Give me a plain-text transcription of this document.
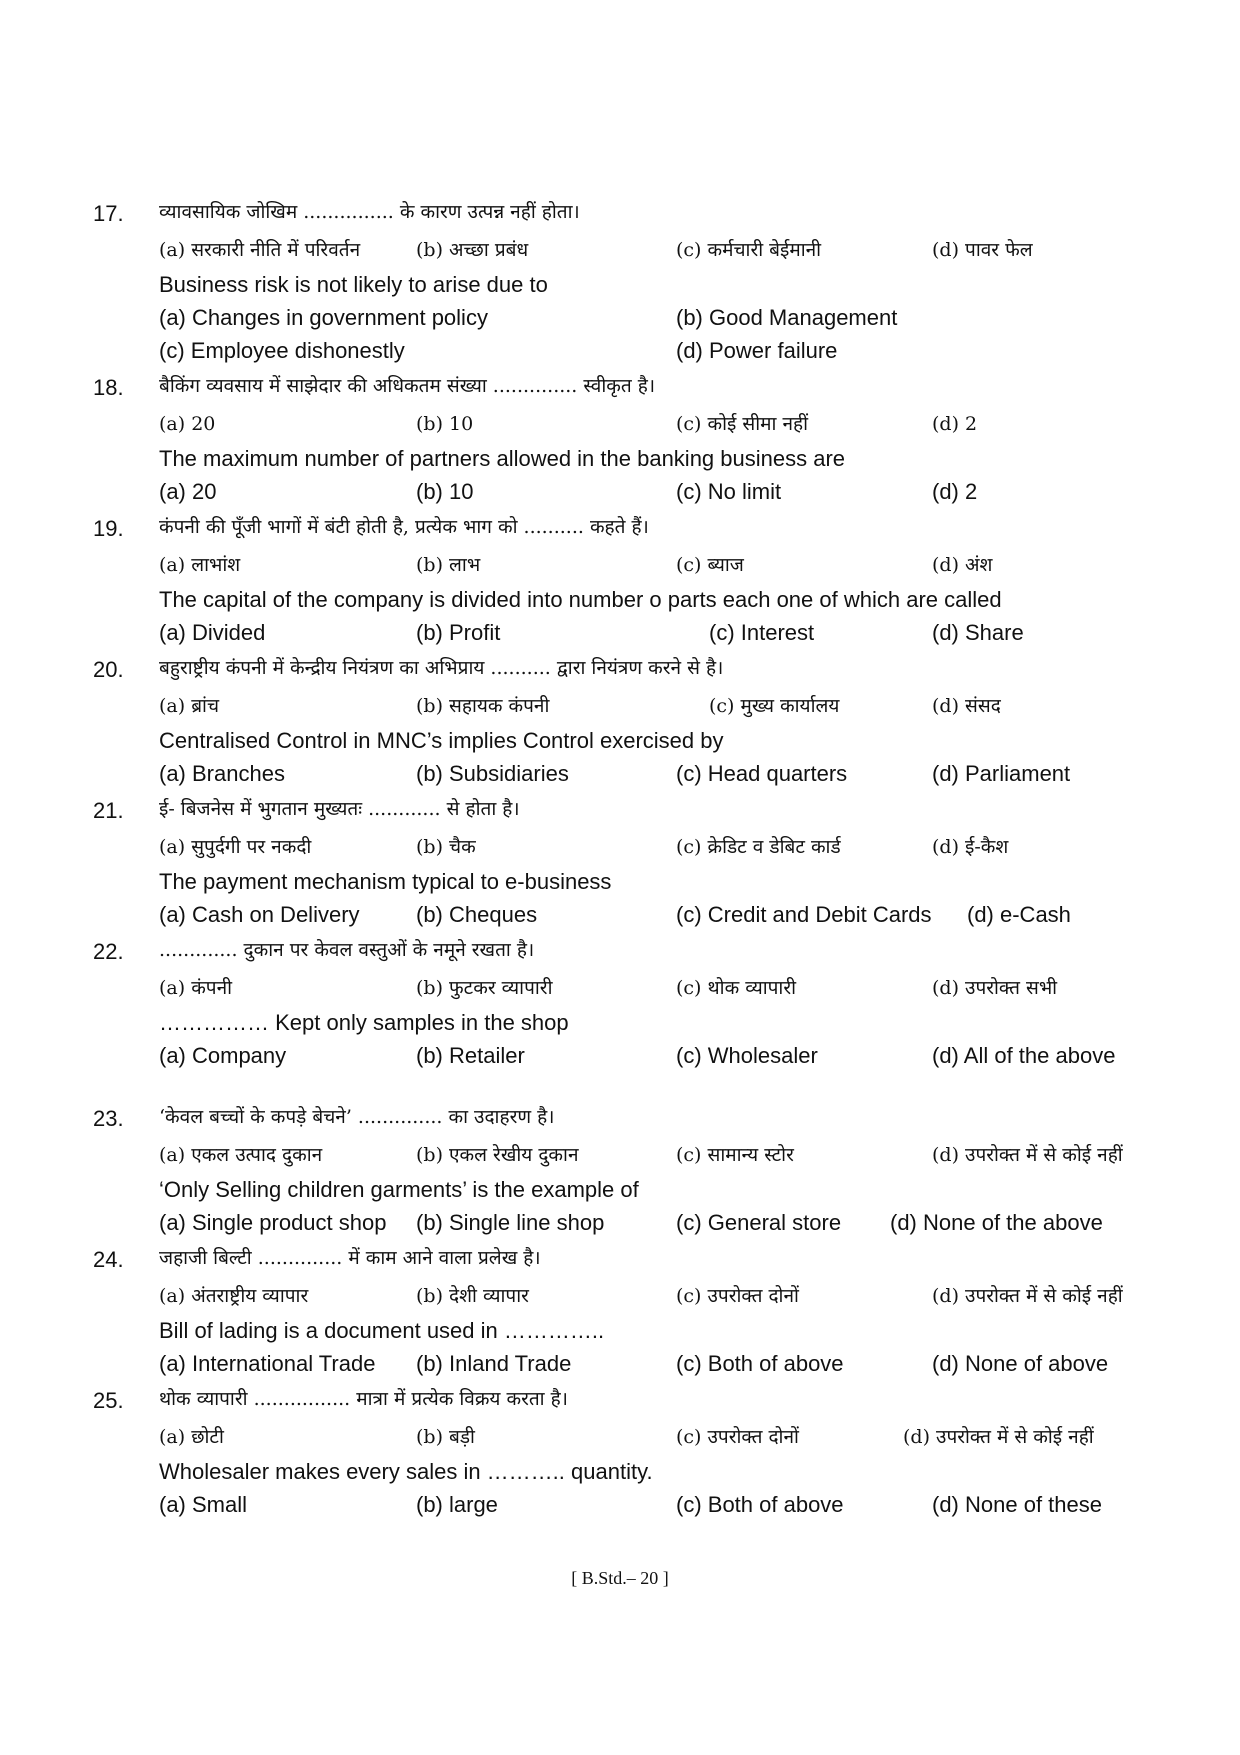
17. व्यावसायिक जोखिम ............... के कारण उत्पन्न नहीं होता।
(a) सरकारी नीति में परिवर्तन	(b) अच्छा प्रबंध	(c) कर्मचारी बेईमानी	(d) पावर फेल
Business risk is not likely to arise due to
(a) Changes in government policy	(b) Good Management
(c) Employee dishonestly	(d) Power failure
18. बैकिंग व्यवसाय में साझेदार की अधिकतम संख्या .............. स्वीकृत है।
(a) 20	(b) 10	(c) कोई सीमा नहीं	(d) 2
The maximum number of partners allowed in the banking business are
(a) 20	(b) 10	(c) No limit	(d) 2
19. कंपनी की पूँजी भागों में बंटी होती है, प्रत्येक भाग को .......... कहते हैं।
(a) लाभांश	(b) लाभ	(c) ब्याज	(d) अंश
The capital of the company is divided into number o parts each one of which are called
(a) Divided	(b) Profit	(c) Interest	(d) Share
20. बहुराष्ट्रीय कंपनी में केन्द्रीय नियंत्रण का अभिप्राय .......... द्वारा नियंत्रण करने से है।
(a) ब्रांच	(b) सहायक कंपनी	(c) मुख्य कार्यालय	(d) संसद
Centralised Control in MNC’s implies Control exercised by
(a) Branches	(b) Subsidiaries	(c) Head quarters	(d) Parliament
21. ई- बिजनेस में भुगतान मुख्यतः ............ से होता है।
(a) सुपुर्दगी पर नकदी	(b) चैक	(c) क्रेडिट व डेबिट कार्ड	(d) ई-कैश
The payment mechanism typical to e-business
(a) Cash on Delivery	(b) Cheques	(c) Credit and Debit Cards (d) e-Cash
22. ............. दुकान पर केवल वस्तुओं के नमूने रखता है।
(a) कंपनी	(b) फुटकर व्यापारी	(c) थोक व्यापारी	(d) उपरोक्त सभी
…………… Kept only samples in the shop
(a) Company	(b) Retailer	(c) Wholesaler	(d) All of the above
23. ‘केवल बच्चों के कपड़े बेचने’ .............. का उदाहरण है।
(a) एकल उत्पाद दुकान	(b) एकल रेखीय दुकान	(c) सामान्य स्टोर	(d) उपरोक्त में से कोई नहीं
‘Only Selling children garments’ is the example of
(a) Single product shop (b) Single line shop	(c) General store (d) None of the above
24. जहाजी बिल्टी .............. में काम आने वाला प्रलेख है।
(a) अंतराष्ट्रीय व्यापार	(b) देशी व्यापार	(c) उपरोक्त दोनों	(d) उपरोक्त में से कोई नहीं
Bill of lading is a document used in …………..
(a) International Trade (b) Inland Trade	(c) Both of above	(d) None of above
25. थोक व्यापारी ................ मात्रा में प्रत्येक विक्रय करता है।
(a) छोटी	(b) बड़ी	(c) उपरोक्त दोनों	(d) उपरोक्त में से कोई नहीं
Wholesaler makes every sales in ……….. quantity.
(a) Small	(b) large	(c) Both of above	(d) None of these
[ B.Std.– 20 ]
